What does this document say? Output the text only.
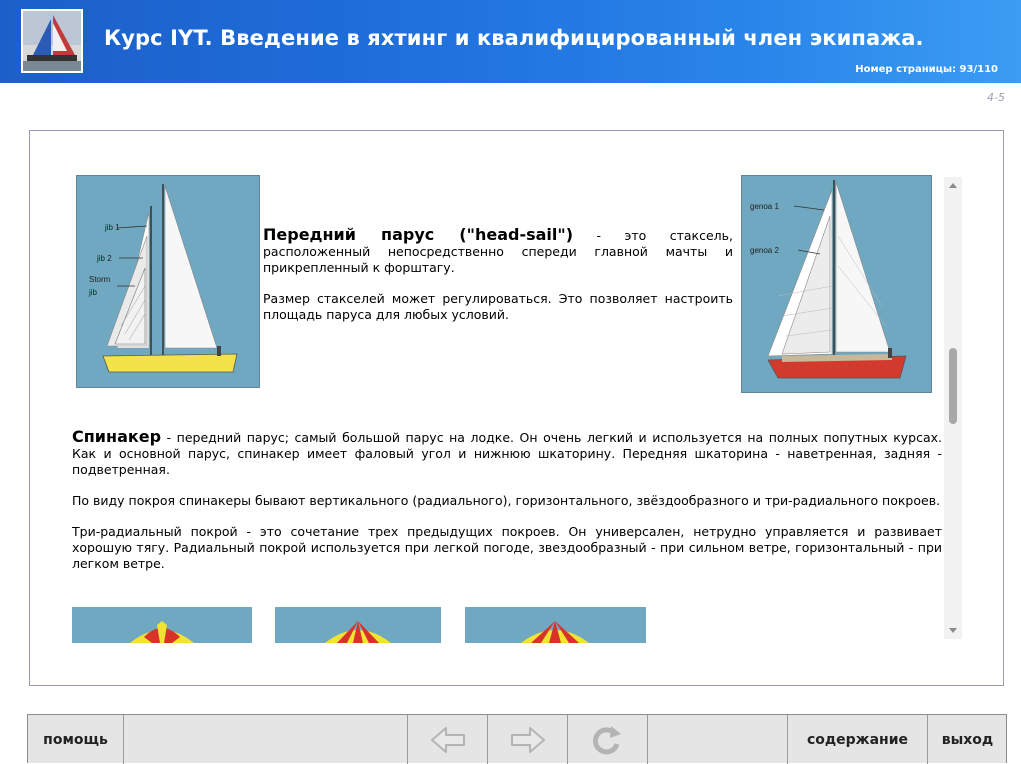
Курс IYT. Введение в яхтинг и квалифицированный член экипажа.
Номер страницы: 93/110
4-5
jib 1
jib 2
Storm
jib
Передний парус ("head-sail") - это стаксель, расположенный непосредственно спереди главной мачты и прикрепленный к форштагу.
Размер стакселей может регулироваться. Это позволяет настроить площадь паруса для любых условий.
genoa 1
genoa 2
Спинакер - передний парус; самый большой парус на лодке. Он очень легкий и используется на полных попутных курсах. Как и основной парус, спинакер имеет фаловый угол и нижнюю шкаторину. Передняя шкаторина - наветренная, задняя - подветренная.
По виду покроя спинакеры бывают вертикального (радиального), горизонтального, звёздообразного и три-радиального покроев.
Три-радиальный покрой - это сочетание трех предыдущих покроев. Он универсален, нетрудно управляется и развивает хорошую тягу. Радиальный покрой используется при легкой погоде, звездообразный - при сильном ветре, горизонтальный - при легком ветре.
помощь	содержание	выход
